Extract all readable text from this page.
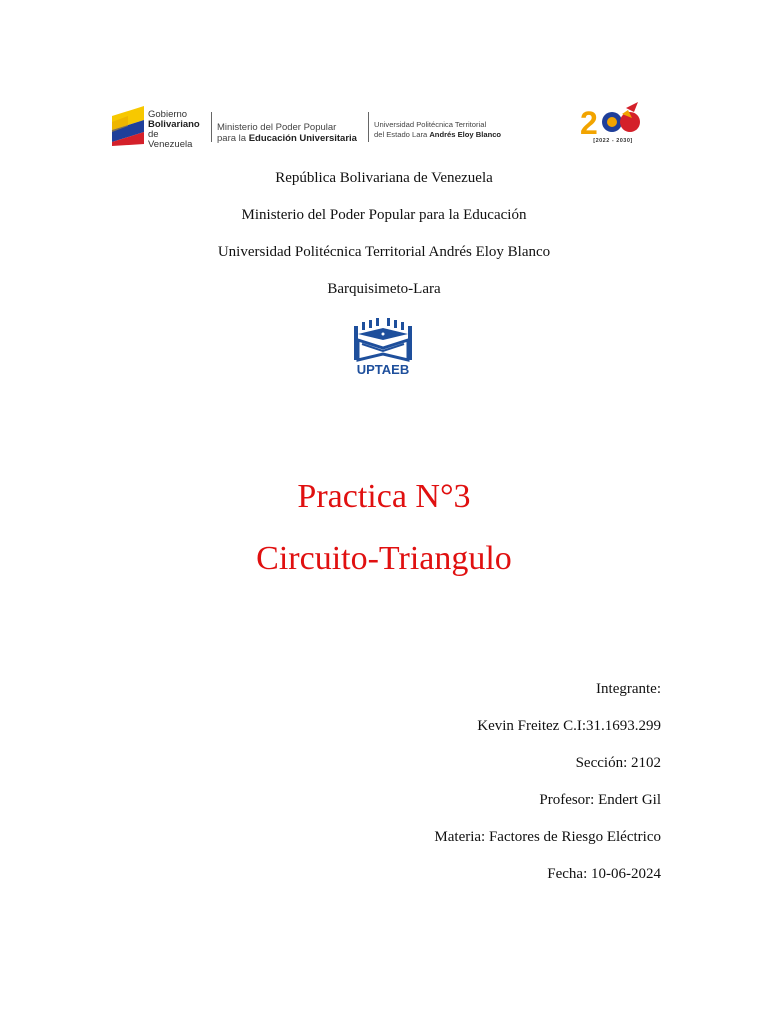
Gobierno
Bolivariano
de Venezuela
Ministerio del Poder Popular
para la Educación Universitaria
Universidad Politécnica Territorial
del Estado Lara Andrés Eloy Blanco 2
[2022 - 2030]
República Bolivariana de Venezuela
Ministerio del Poder Popular para la Educación
Universidad Politécnica Territorial Andrés Eloy Blanco
Barquisimeto-Lara
UPTAEB
Practica N°3
Circuito-Triangulo
Integrante:
Kevin Freitez C.I:31.1693.299
Sección: 2102
Profesor: Endert Gil
Materia: Factores de Riesgo Eléctrico
Fecha: 10-06-2024
